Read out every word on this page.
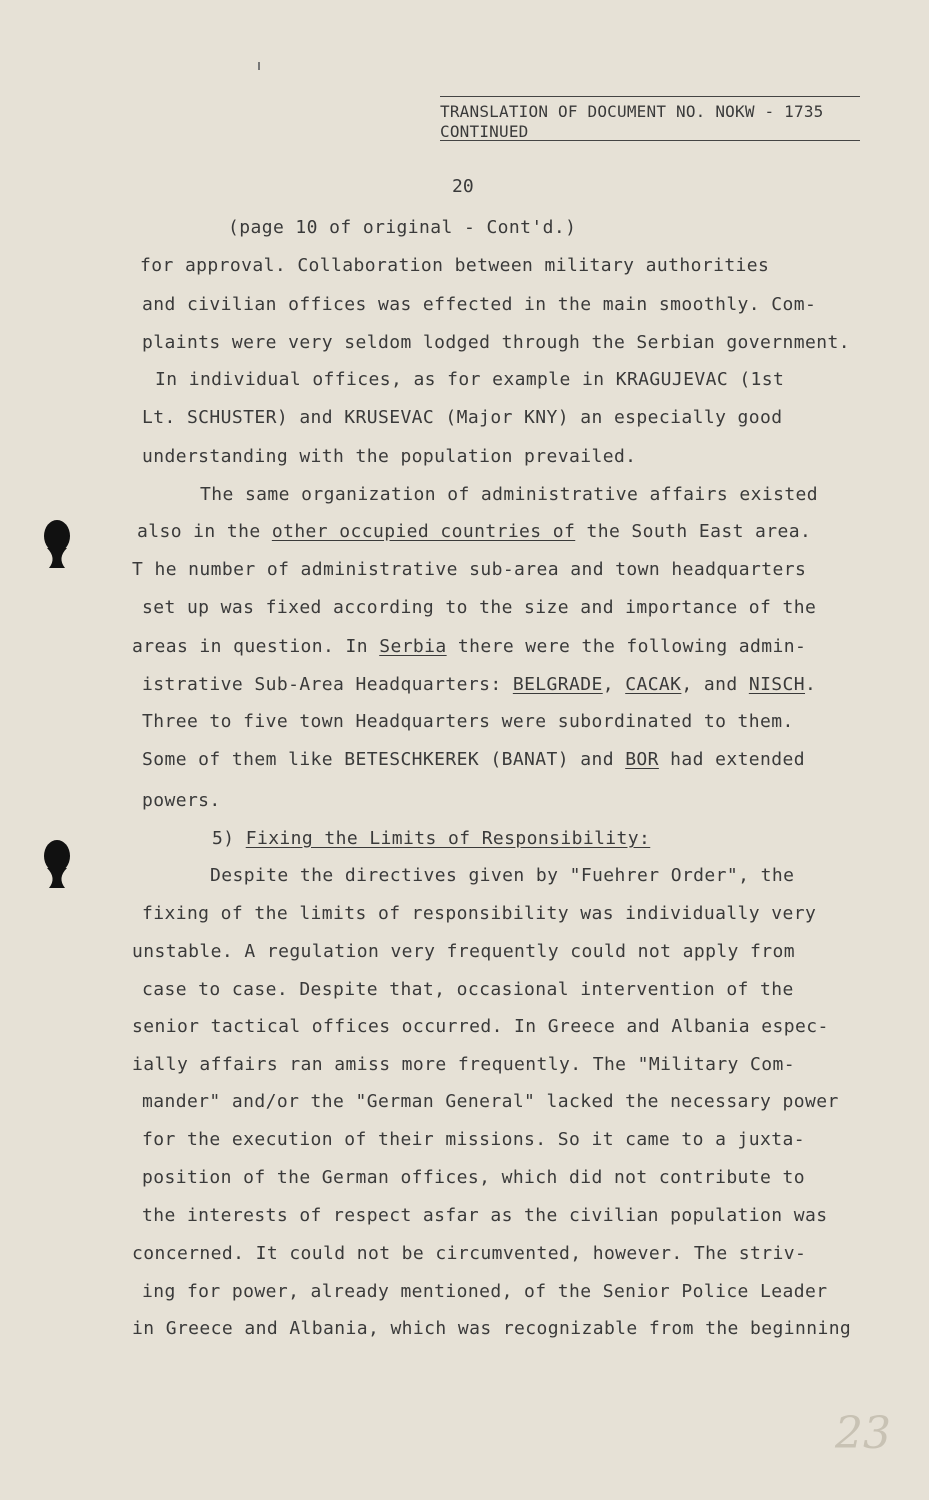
TRANSLATION OF DOCUMENT NO. NOKW - 1735
CONTINUED
20
(page 10 of original - Cont'd.)
for approval. Collaboration between military authorities
and civilian offices was effected in the main smoothly. Com-
plaints were very seldom lodged through the Serbian government.
In individual offices, as for example in KRAGUJEVAC (1st
Lt. SCHUSTER) and KRUSEVAC (Major KNY) an especially good
understanding with the population prevailed.
The same organization of administrative affairs existed
also in the other occupied countries of the South East area.
T he number of administrative sub-area and town headquarters
set up was fixed according to the size and importance of the
areas in question. In Serbia there were the following admin-
istrative Sub-Area Headquarters: BELGRADE, CACAK, and NISCH.
Three to five town Headquarters were subordinated to them.
Some of them like BETESCHKEREK (BANAT) and BOR had extended
powers.
5) Fixing the Limits of Responsibility:
Despite the directives given by "Fuehrer Order", the
fixing of the limits of responsibility was individually very
unstable. A regulation very frequently could not apply from
case to case. Despite that, occasional intervention of the
senior tactical offices occurred. In Greece and Albania espec-
ially affairs ran amiss more frequently. The "Military Com-
mander" and/or the "German General" lacked the necessary power
for the execution of their missions. So it came to a juxta-
position of the German offices, which did not contribute to
the interests of respect asfar as the civilian population was
concerned. It could not be circumvented, however. The striv-
ing for power, already mentioned, of the Senior Police Leader
in Greece and Albania, which was recognizable from the beginning
23
